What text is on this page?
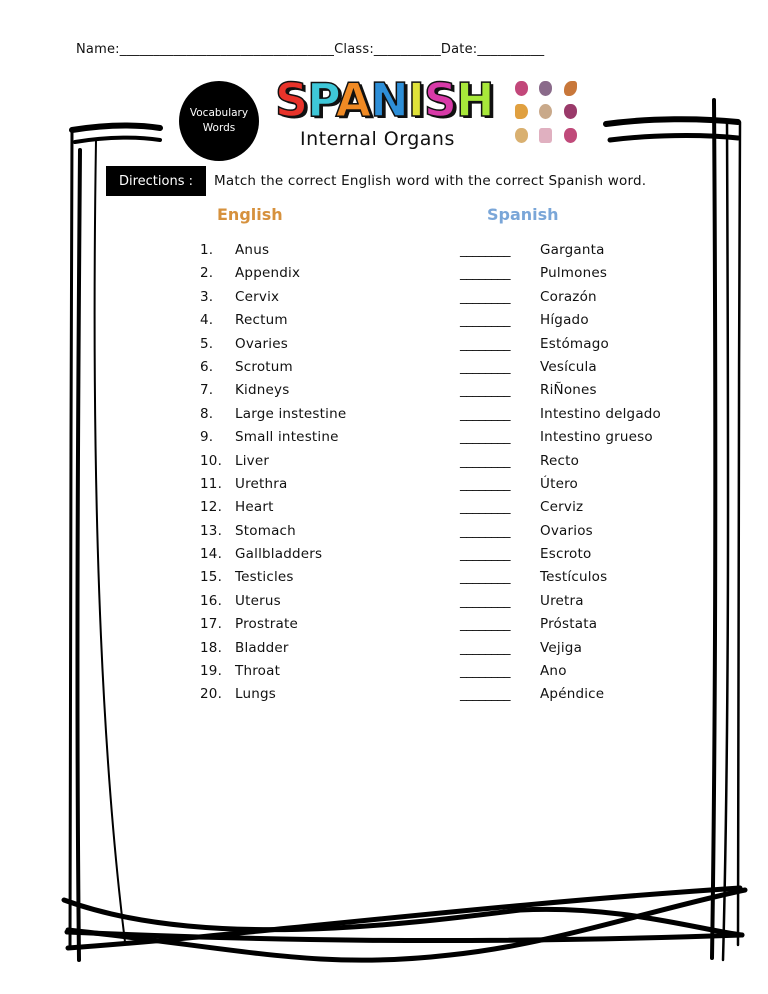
Name:________________________________Class:__________Date:__________
Vocabulary
Words
SPANISH
Internal Organs
Directions :	Match the correct English word with the correct Spanish word.
English	Spanish
1. Anus	________ Garganta
2. Appendix	________ Pulmones
3. Cervix	________ Corazón
4. Rectum	________ Hígado
5. Ovaries	________ Estómago
6. Scrotum	________ Vesícula
7. Kidneys	________ RiÑones
8. Large instestine	________ Intestino delgado
9. Small intestine	________ Intestino grueso
10. Liver	________ Recto
11. Urethra	________ Útero
12. Heart	________ Cerviz
13. Stomach	________ Ovarios
14. Gallbladders	________ Escroto
15. Testicles	________ Testículos
16. Uterus	________ Uretra
17. Prostrate	________ Próstata
18. Bladder	________ Vejiga
19. Throat	________ Ano
20. Lungs	________ Apéndice
